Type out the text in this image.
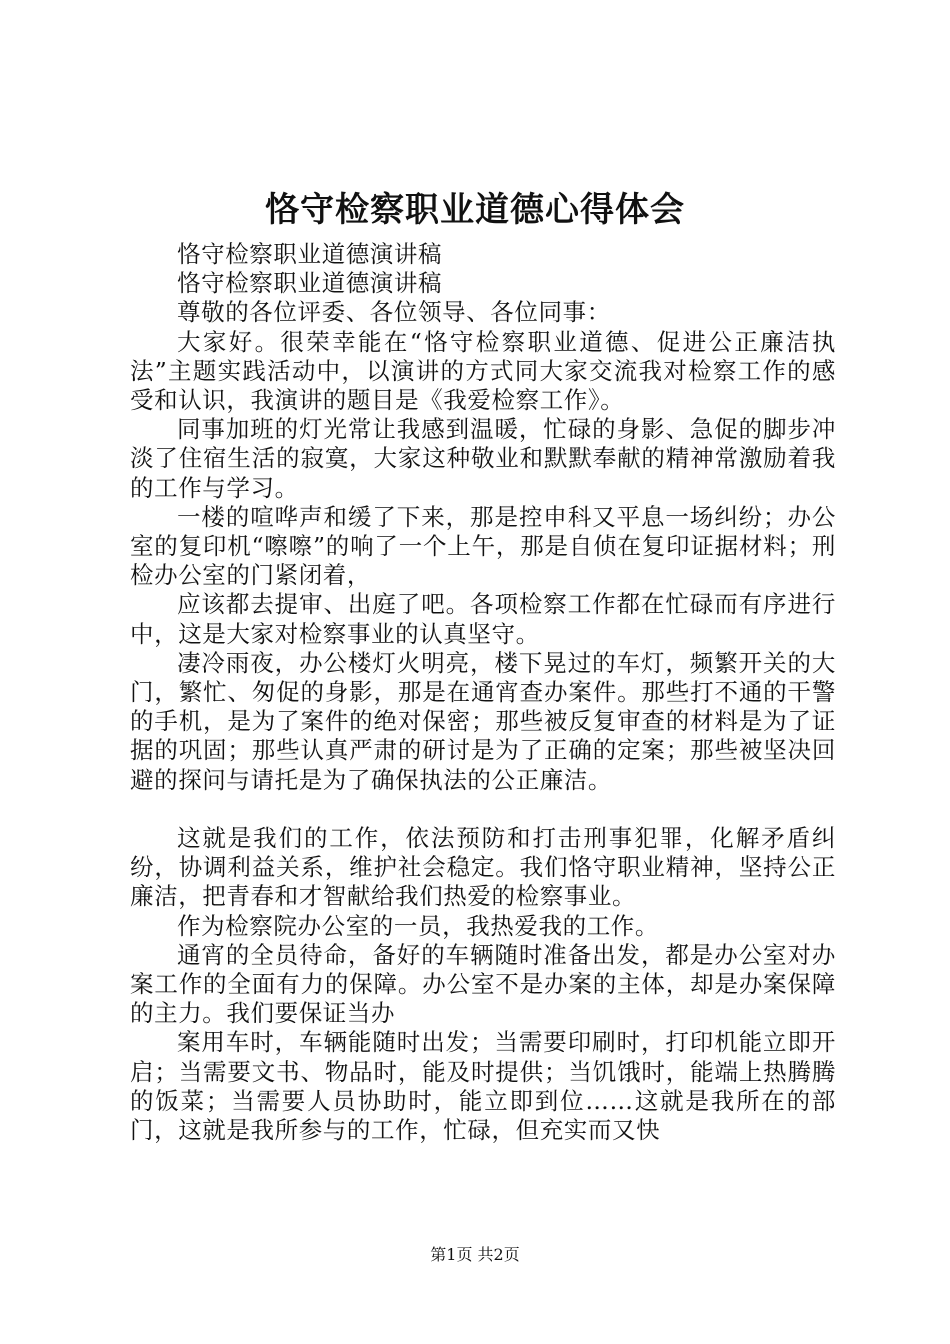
恪守检察职业道德心得体会

恪守检察职业道德演讲稿

恪守检察职业道德演讲稿

尊敬的各位评委、各位领导、各位同事：

大家好。很荣幸能在“恪守检察职业道德、促进公正廉洁执法”主题实践活动中，以演讲的方式同大家交流我对检察工作的感受和认识，我演讲的题目是《我爱检察工作》。

同事加班的灯光常让我感到温暖，忙碌的身影、急促的脚步冲淡了住宿生活的寂寞，大家这种敬业和默默奉献的精神常激励着我的工作与学习。

一楼的喧哗声和缓了下来，那是控申科又平息一场纠纷；办公室的复印机“嚓嚓”的响了一个上午，那是自侦在复印证据材料；刑检办公室的门紧闭着，

应该都去提审、出庭了吧。各项检察工作都在忙碌而有序进行中，这是大家对检察事业的认真坚守。

凄冷雨夜，办公楼灯火明亮，楼下晃过的车灯，频繁开关的大门，繁忙、匆促的身影，那是在通宵查办案件。那些打不通的干警的手机，是为了案件的绝对保密；那些被反复审查的材料是为了证据的巩固；那些认真严肃的研讨是为了正确的定案；那些被坚决回避的探问与请托是为了确保执法的公正廉洁。

这就是我们的工作，依法预防和打击刑事犯罪，化解矛盾纠纷，协调利益关系，维护社会稳定。我们恪守职业精神，坚持公正廉洁，把青春和才智献给我们热爱的检察事业。

作为检察院办公室的一员，我热爱我的工作。

通宵的全员待命，备好的车辆随时准备出发，都是办公室对办案工作的全面有力的保障。办公室不是办案的主体，却是办案保障的主力。我们要保证当办

案用车时，车辆能随时出发；当需要印刷时，打印机能立即开启；当需要文书、物品时，能及时提供；当饥饿时，能端上热腾腾的饭菜；当需要人员协助时，能立即到位……这就是我所在的部门，这就是我所参与的工作，忙碌，但充实而又快

第1页 共2页
